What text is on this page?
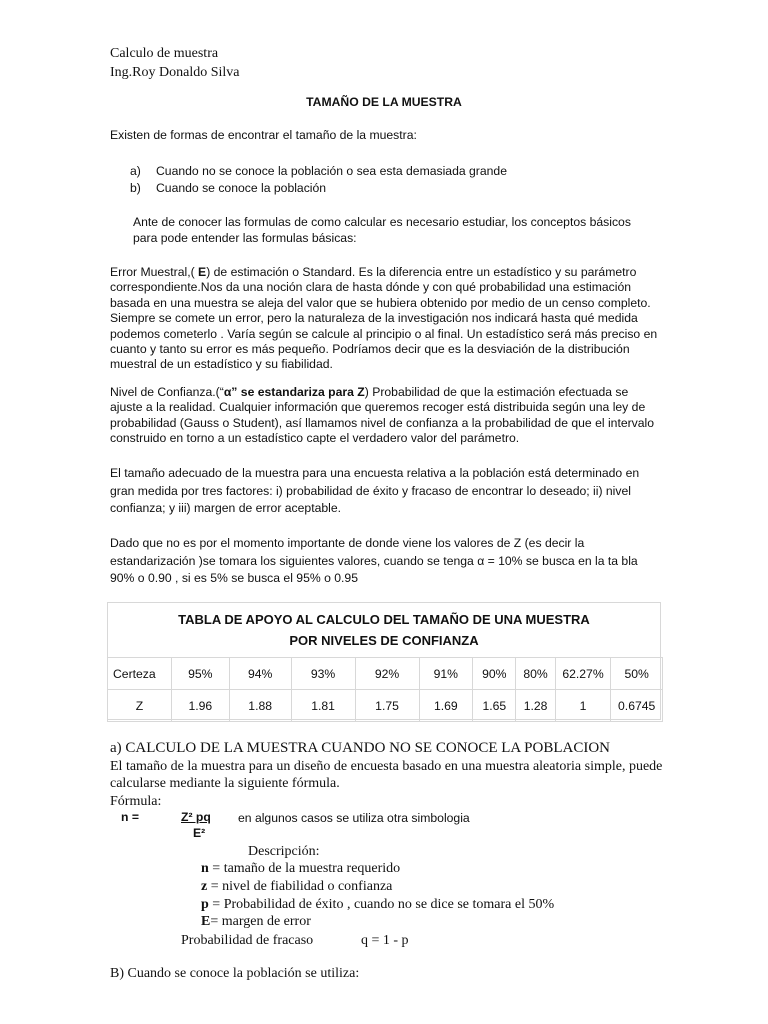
Calculo de muestra
Ing.Roy Donaldo Silva
TAMAÑO DE LA MUESTRA
Existen de formas de encontrar el tamaño de la muestra:
a) Cuando no se conoce la población o sea esta demasiada grande
b) Cuando se conoce la población
Ante de conocer las formulas de como calcular es necesario estudiar, los conceptos básicos para pode entender las formulas básicas:
Error Muestral,( E) de estimación o Standard. Es la diferencia entre un estadístico y su parámetro correspondiente.Nos da una noción clara de hasta dónde y con qué probabilidad una estimación basada en una muestra se aleja del valor que se hubiera obtenido por medio de un censo completo. Siempre se comete un error, pero la naturaleza de la investigación nos indicará hasta qué medida podemos cometerlo . Varía según se calcule al principio o al final. Un estadístico será más preciso en cuanto y tanto su error es más pequeño. Podríamos decir que es la desviación de la distribución muestral de un estadístico y su fiabilidad.
Nivel de Confianza.(“α” se estandariza para Z) Probabilidad de que la estimación efectuada se ajuste a la realidad. Cualquier información que queremos recoger está distribuida según una ley de probabilidad (Gauss o Student), así llamamos nivel de confianza a la probabilidad de que el intervalo construido en torno a un estadístico capte el verdadero valor del parámetro.
El tamaño adecuado de la muestra para una encuesta relativa a la población está determinado en gran medida por tres factores: i) probabilidad de éxito y fracaso de encontrar lo deseado; ii) nivel confianza; y iii) margen de error aceptable.
Dado que no es por el momento importante de donde viene los valores de Z (es decir la estandarización )se tomara los siguientes valores, cuando se tenga α = 10% se busca en la ta bla 90% o 0.90 , si es 5% se busca el 95% o 0.95
TABLA DE APOYO AL CALCULO DEL TAMAÑO DE UNA MUESTRA
POR NIVELES DE CONFIANZA
Certeza	95%	94%	93%	92%	91%	90%	80%	62.27%	50%
Z	1.96	1.88	1.81	1.75	1.69	1.65	1.28	1	0.6745
a) CALCULO DE LA MUESTRA CUANDO NO SE CONOCE LA POBLACION
El tamaño de la muestra para un diseño de encuesta basado en una muestra aleatoria simple, puede calcularse mediante la siguiente fórmula.
Fórmula:
n =	Z² pq en algunos casos se utiliza otra simbologia
E²
Descripción:
n = tamaño de la muestra requerido
z = nivel de fiabilidad o confianza
p = Probabilidad de éxito , cuando no se dice se tomara el 50%
E= margen de error
Probabilidad de fracaso	q = 1 - p
B) Cuando se conoce la población se utiliza:
